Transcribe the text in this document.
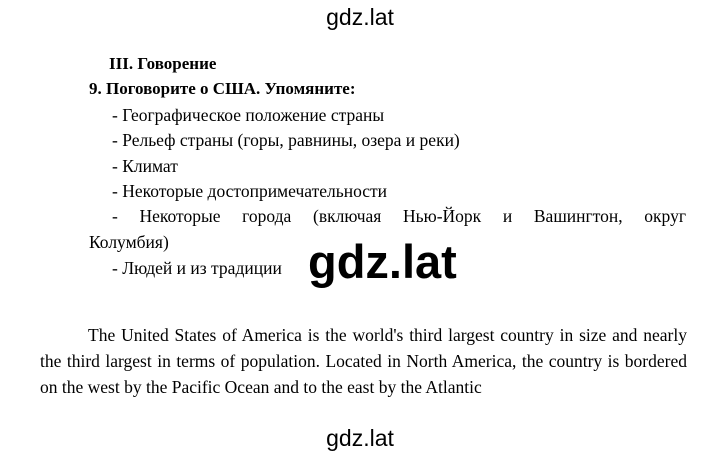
gdz.lat
III. Говорение
9. Поговорите о США. Упомяните:
- Географическое положение страны
- Рельеф страны (горы, равнины, озера и реки)
- Климат
- Некоторые достопримечательности
- Некоторые города (включая Нью-Йорк и Вашингтон, округ
Колумбия)
- Людей и из традиции gdz.lat
The United States of America is the world's third largest country in size and nearly the third largest in terms of population. Located in North America, the country is bordered on the west by the Pacific Ocean and to the east by the Atlantic
gdz.lat
